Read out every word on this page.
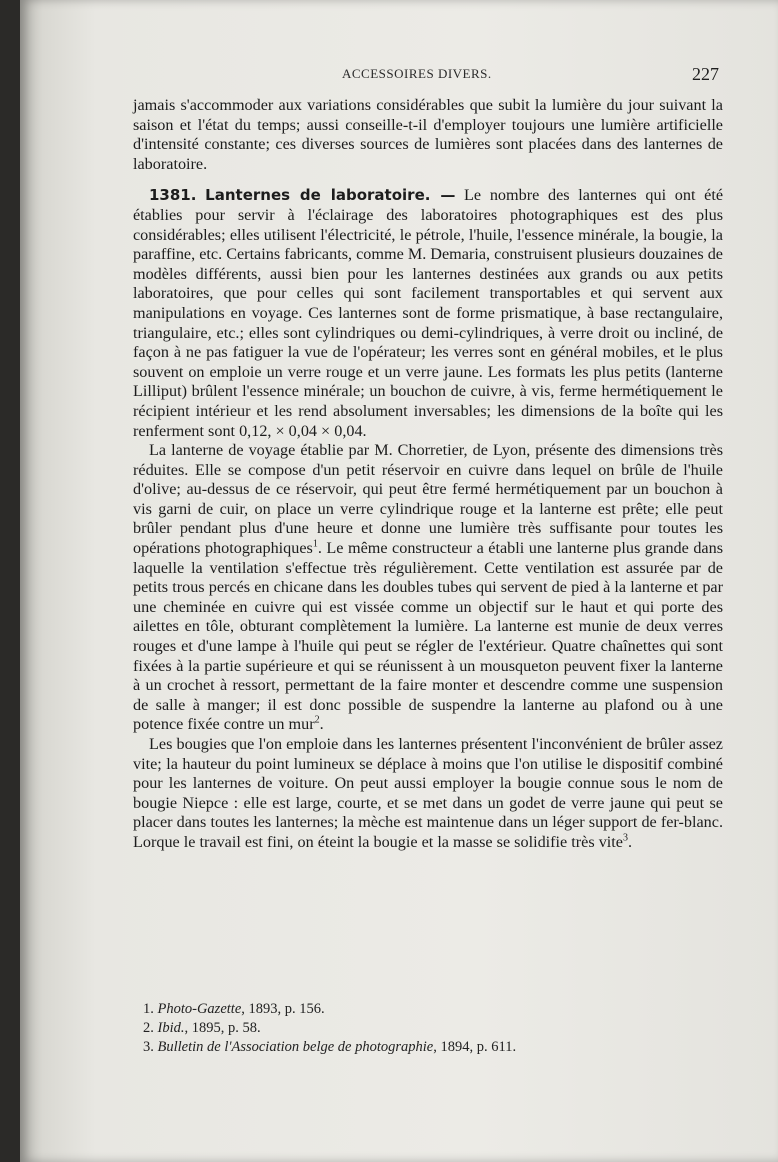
ACCESSOIRES DIVERS.	227

jamais s'accommoder aux variations considérables que subit la lumière du jour suivant la saison et l'état du temps; aussi conseille-t-il d'employer toujours une lumière artificielle d'intensité constante; ces diverses sources de lumières sont placées dans des lanternes de laboratoire.

1381. Lanternes de laboratoire. — Le nombre des lanternes qui ont été établies pour servir à l'éclairage des laboratoires photographiques est des plus considérables; elles utilisent l'électricité, le pétrole, l'huile, l'essence minérale, la bougie, la paraffine, etc. Certains fabricants, comme M. Demaria, construisent plusieurs douzaines de modèles différents, aussi bien pour les lanternes destinées aux grands ou aux petits laboratoires, que pour celles qui sont facilement transportables et qui servent aux manipulations en voyage. Ces lanternes sont de forme prismatique, à base rectangulaire, triangulaire, etc.; elles sont cylindriques ou demi-cylindriques, à verre droit ou incliné, de façon à ne pas fatiguer la vue de l'opérateur; les verres sont en général mobiles, et le plus souvent on emploie un verre rouge et un verre jaune. Les formats les plus petits (lanterne Lilliput) brûlent l'essence minérale; un bouchon de cuivre, à vis, ferme hermétiquement le récipient intérieur et les rend absolument inversables; les dimensions de la boîte qui les renferment sont 0,12, × 0,04 × 0,04.

La lanterne de voyage établie par M. Chorretier, de Lyon, présente des dimensions très réduites. Elle se compose d'un petit réservoir en cuivre dans lequel on brûle de l'huile d'olive; au-dessus de ce réservoir, qui peut être fermé hermétiquement par un bouchon à vis garni de cuir, on place un verre cylindrique rouge et la lanterne est prête; elle peut brûler pendant plus d'une heure et donne une lumière très suffisante pour toutes les opérations photographiques$^1$. Le même constructeur a établi une lanterne plus grande dans laquelle la ventilation s'effectue très régulièrement. Cette ventilation est assurée par de petits trous percés en chicane dans les doubles tubes qui servent de pied à la lanterne et par une cheminée en cuivre qui est vissée comme un objectif sur le haut et qui porte des ailettes en tôle, obturant complètement la lumière. La lanterne est munie de deux verres rouges et d'une lampe à l'huile qui peut se régler de l'extérieur. Quatre chaînettes qui sont fixées à la partie supérieure et qui se réunissent à un mousqueton peuvent fixer la lanterne à un crochet à ressort, permettant de la faire monter et descendre comme une suspension de salle à manger; il est donc possible de suspendre la lanterne au plafond ou à une potence fixée contre un mur$^2$.

Les bougies que l'on emploie dans les lanternes présentent l'inconvénient de brûler assez vite; la hauteur du point lumineux se déplace à moins que l'on utilise le dispositif combiné pour les lanternes de voiture. On peut aussi employer la bougie connue sous le nom de bougie Niepce : elle est large, courte, et se met dans un godet de verre jaune qui peut se placer dans toutes les lanternes; la mèche est maintenue dans un léger support de fer-blanc. Lorque le travail est fini, on éteint la bougie et la masse se solidifie très vite$^3$.

1. Photo-Gazette, 1893, p. 156.

2. Ibid., 1895, p. 58.

3. Bulletin de l'Association belge de photographie, 1894, p. 611.
